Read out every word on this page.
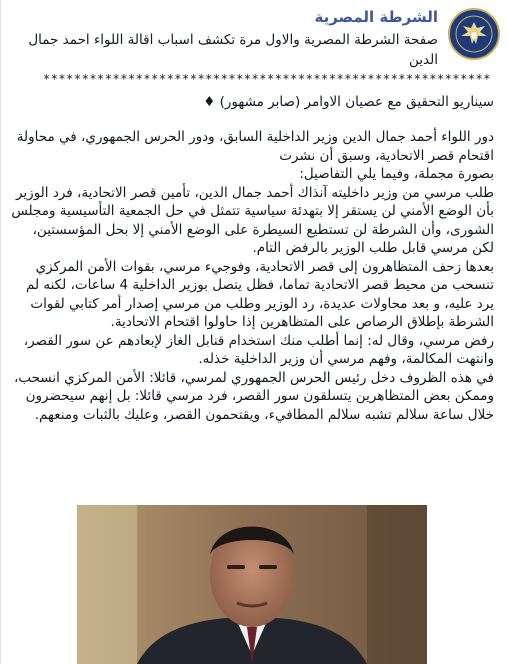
الشرطة المصرية
صفحة الشرطة المصرية والاول مرة تكشف اسباب اقالة اللواء احمد جمال الدين
**********************************************************
سيناريو التحقيق مع عصيان الاوامر (صابر مشهور) ♦

دور اللواء أحمد جمال الدين وزير الداخلية السابق، ودور الحرس الجمهوري، في محاولة اقتحام قصر الاتحادية، وسبق أن نشرت

بصورة مجملة، وفيما يلي التفاصيل:

طلب مرسي من وزير داخليته آنذاك أحمد جمال الدين، تأمين قصر الاتحادية، فرد الوزير بأن الوضع الأمني لن يستقر إلا بتهدئة سياسية تتمثل في حل الجمعية التأسيسية ومجلس الشورى، وأن الشرطة لن تستطيع السيطرة على الوضع الأمني إلا بحل المؤسستين، لكن مرسي قابل طلب الوزير بالرفض التام.

بعدها زحف المتظاهرون إلى قصر الاتحادية، وفوجيء مرسي، بقوات الأمن المركزي تنسحب من محيط قصر الاتحادية تماما، فظل يتصل بوزير الداخلية 4 ساعات، لكنه لم يرد عليه، و بعد محاولات عديدة، رد الوزير وطلب من مرسي إصدار أمر كتابي لقوات الشرطة بإطلاق الرصاص على المتظاهرين إذا حاولوا اقتحام الاتحادية.

رفض مرسي، وقال له: إنما أطلب منك استخدام قنابل الغاز لإبعادهم عن سور القصر، وانتهت المكالمة، وفهم مرسي أن وزير الداخلية خذله.

في هذه الظروف دخل رئيس الحرس الجمهوري لمرسي، قائلا: الأمن المركزي انسحب، وممكن بعض المتظاهرين يتسلقون سور القصر، فرد مرسي قائلا: بل إنهم سيحضرون خلال ساعة سلالم تشبه سلالم المطافيء، ويقتحمون القصر، وعليك بالثبات ومنعهم.
